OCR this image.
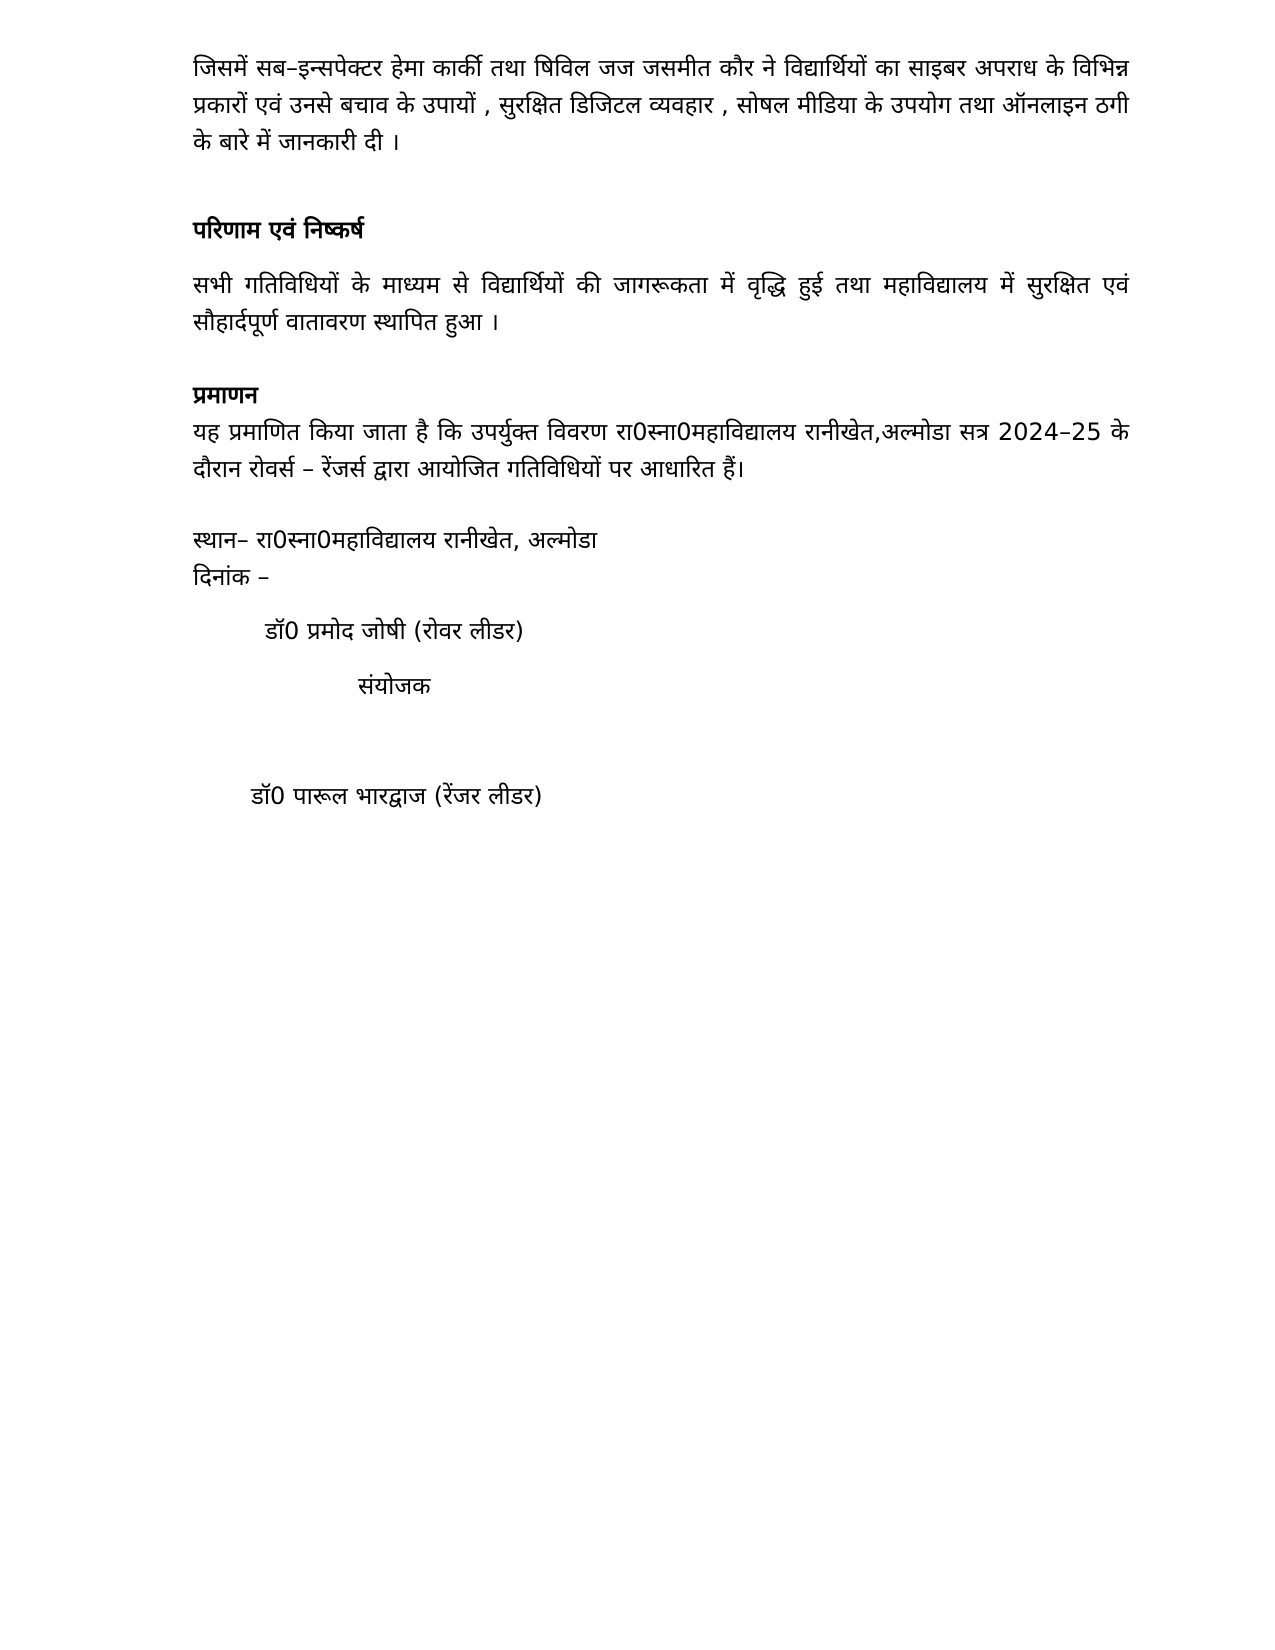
जिसमें सब–इन्सपेक्टर हेमा कार्की तथा षिविल जज जसमीत कौर ने विद्यार्थियों का साइबर अपराध के विभिन्न प्रकारों एवं उनसे बचाव के उपायों , सुरक्षित डिजिटल व्यवहार , सोषल मीडिया के उपयोग तथा ऑनलाइन ठगी के बारे में जानकारी दी ।

परिणाम एवं निष्कर्ष

सभी गतिविधियों के माध्यम से विद्यार्थियों की जागरूकता में वृद्धि हुई तथा महाविद्यालय में सुरक्षित एवं सौहार्दपूर्ण वातावरण स्थापित हुआ ।

प्रमाणन

यह प्रमाणित किया जाता है कि उपर्युक्त विवरण रा0स्ना0महाविद्यालय रानीखेत,अल्मोडा सत्र 2024–25 के दौरान रोवर्स – रेंजर्स द्वारा आयोजित गतिविधियों पर आधारित हैं।

स्थान– रा0स्ना0महाविद्यालय रानीखेत, अल्मोडा

दिनांक –

डॉ0 प्रमोद जोषी (रोवर लीडर)

संयोजक

डॉ0 पारूल भारद्वाज (रेंजर लीडर)
